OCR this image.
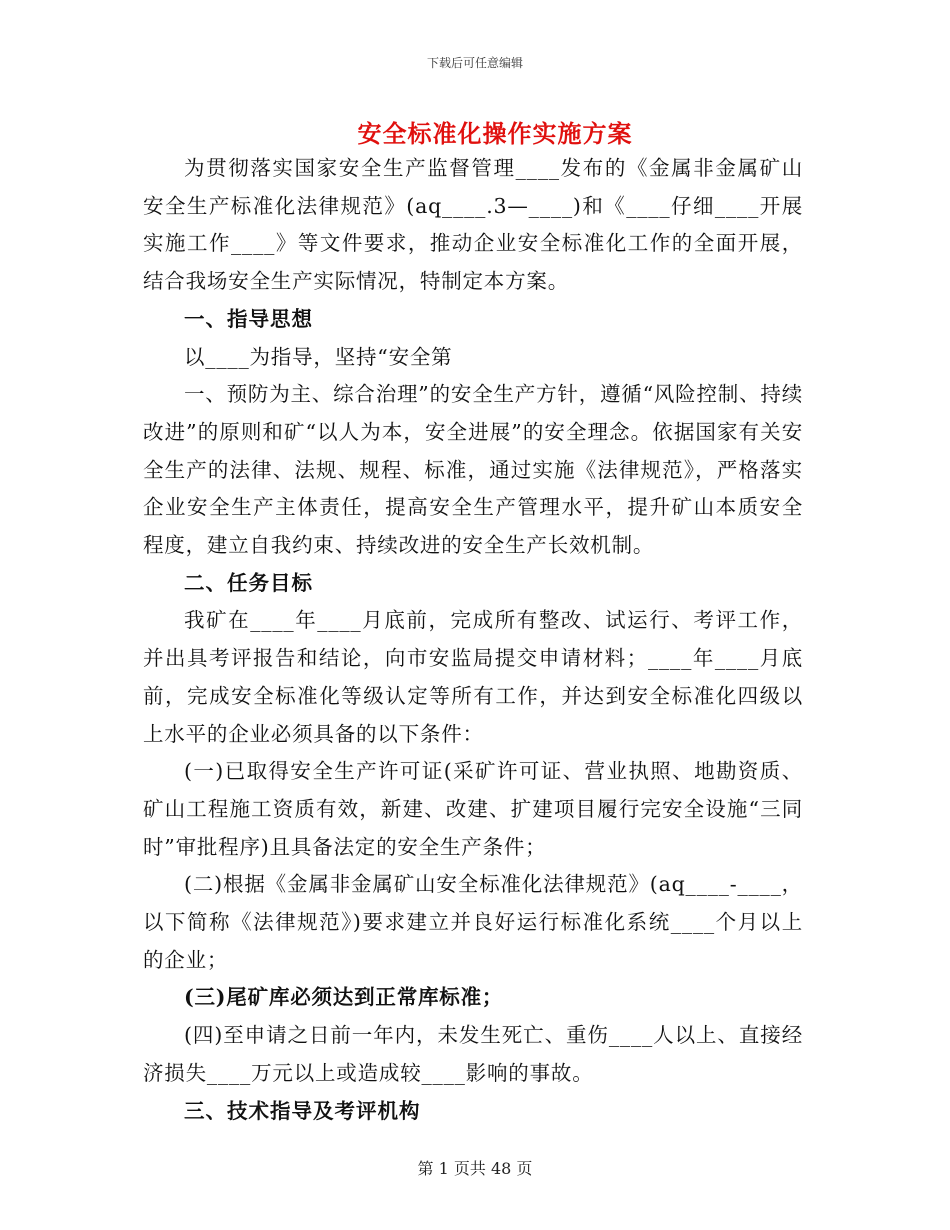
下载后可任意编辑
安全标准化操作实施方案

为贯彻落实国家安全生产监督管理____发布的《金属非金属矿山安全生产标准化法律规范》(aq____.3—____)和《____仔细____开展实施工作____》等文件要求，推动企业安全标准化工作的全面开展，结合我场安全生产实际情况，特制定本方案。

一、指导思想

以____为指导，坚持“安全第

一、预防为主、综合治理”的安全生产方针，遵循“风险控制、持续改进”的原则和矿“以人为本，安全进展”的安全理念。依据国家有关安全生产的法律、法规、规程、标准，通过实施《法律规范》，严格落实企业安全生产主体责任，提高安全生产管理水平，提升矿山本质安全程度，建立自我约束、持续改进的安全生产长效机制。

二、任务目标

我矿在____年____月底前，完成所有整改、试运行、考评工作，并出具考评报告和结论，向市安监局提交申请材料；____年____月底前，完成安全标准化等级认定等所有工作，并达到安全标准化四级以上水平的企业必须具备的以下条件：

(一)已取得安全生产许可证(采矿许可证、营业执照、地勘资质、矿山工程施工资质有效，新建、改建、扩建项目履行完安全设施“三同时”审批程序)且具备法定的安全生产条件；

(二)根据《金属非金属矿山安全标准化法律规范》(aq____-____，以下简称《法律规范》)要求建立并良好运行标准化系统____个月以上的企业；

(三)尾矿库必须达到正常库标准；

(四)至申请之日前一年内，未发生死亡、重伤____人以上、直接经济损失____万元以上或造成较____影响的事故。

三、技术指导及考评机构

第 1 页共 48 页
